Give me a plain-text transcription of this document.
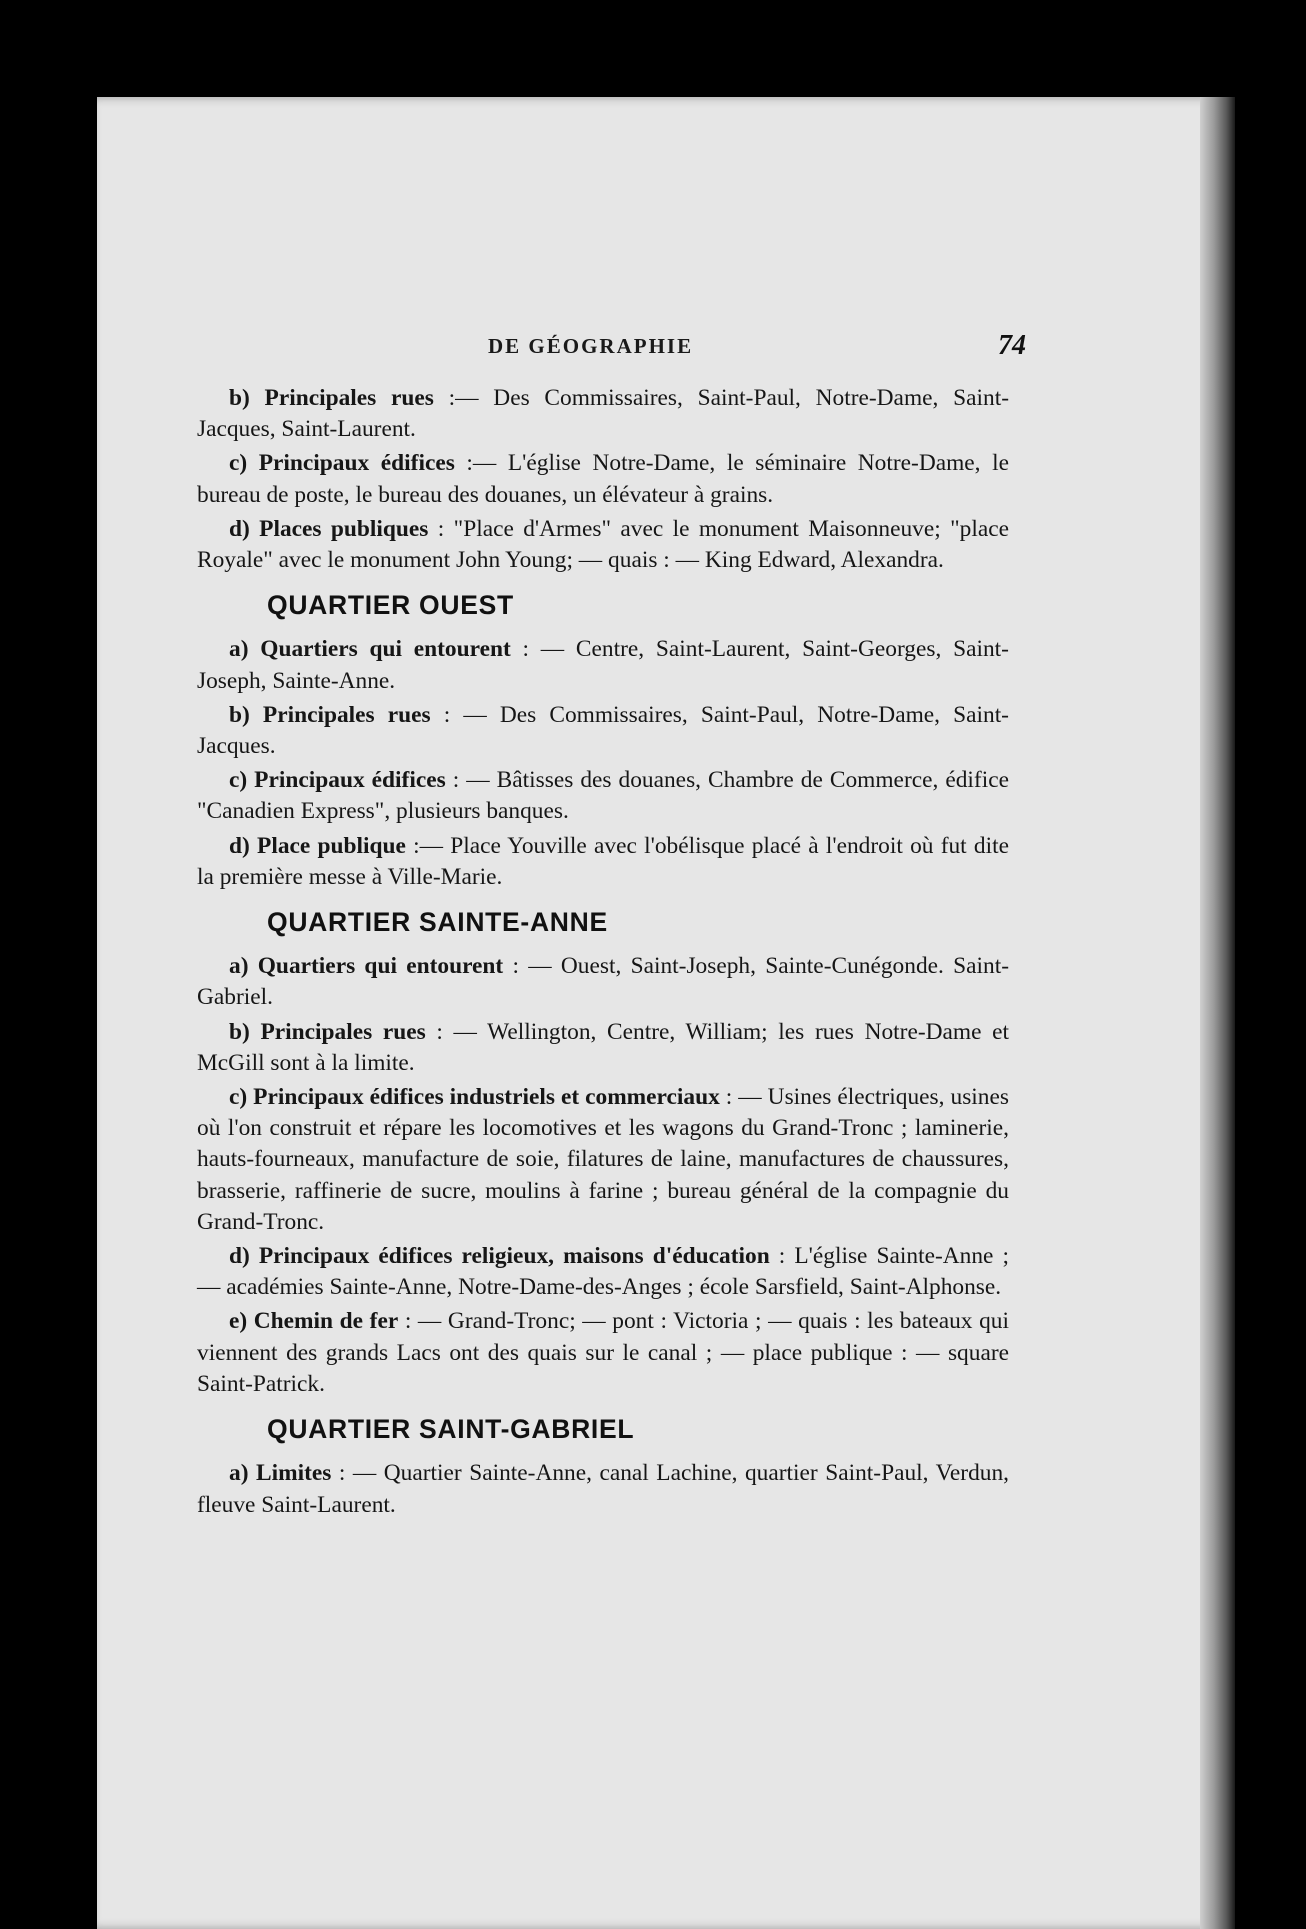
DE GÉOGRAPHIE	74

b) Principales rues :— Des Commissaires, Saint-Paul, Notre-Dame, Saint-Jacques, Saint-Laurent.

c) Principaux édifices :— L'église Notre-Dame, le séminaire Notre-Dame, le bureau de poste, le bureau des douanes, un élévateur à grains.

d) Places publiques : "Place d'Armes" avec le monument Maisonneuve; "place Royale" avec le monument John Young; — quais : — King Edward, Alexandra.

QUARTIER OUEST

a) Quartiers qui entourent : — Centre, Saint-Laurent, Saint-Georges, Saint-Joseph, Sainte-Anne.

b) Principales rues : — Des Commissaires, Saint-Paul, Notre-Dame, Saint-Jacques.

c) Principaux édifices : — Bâtisses des douanes, Chambre de Commerce, édifice "Canadien Express", plusieurs banques.

d) Place publique :— Place Youville avec l'obélisque placé à l'endroit où fut dite la première messe à Ville-Marie.

QUARTIER SAINTE-ANNE

a) Quartiers qui entourent : — Ouest, Saint-Joseph, Sainte-Cunégonde. Saint-Gabriel.

b) Principales rues : — Wellington, Centre, William; les rues Notre-Dame et McGill sont à la limite.

c) Principaux édifices industriels et commerciaux : — Usines électriques, usines où l'on construit et répare les locomotives et les wagons du Grand-Tronc ; laminerie, hauts-fourneaux, manufacture de soie, filatures de laine, manufactures de chaussures, brasserie, raffinerie de sucre, moulins à farine ; bureau général de la compagnie du Grand-Tronc.

d) Principaux édifices religieux, maisons d'éducation : L'église Sainte-Anne ; — académies Sainte-Anne, Notre-Dame-des-Anges ; école Sarsfield, Saint-Alphonse.

e) Chemin de fer : — Grand-Tronc; — pont : Victoria ; — quais : les bateaux qui viennent des grands Lacs ont des quais sur le canal ; — place publique : — square Saint-Patrick.

QUARTIER SAINT-GABRIEL

a) Limites : — Quartier Sainte-Anne, canal Lachine, quartier Saint-Paul, Verdun, fleuve Saint-Laurent.
